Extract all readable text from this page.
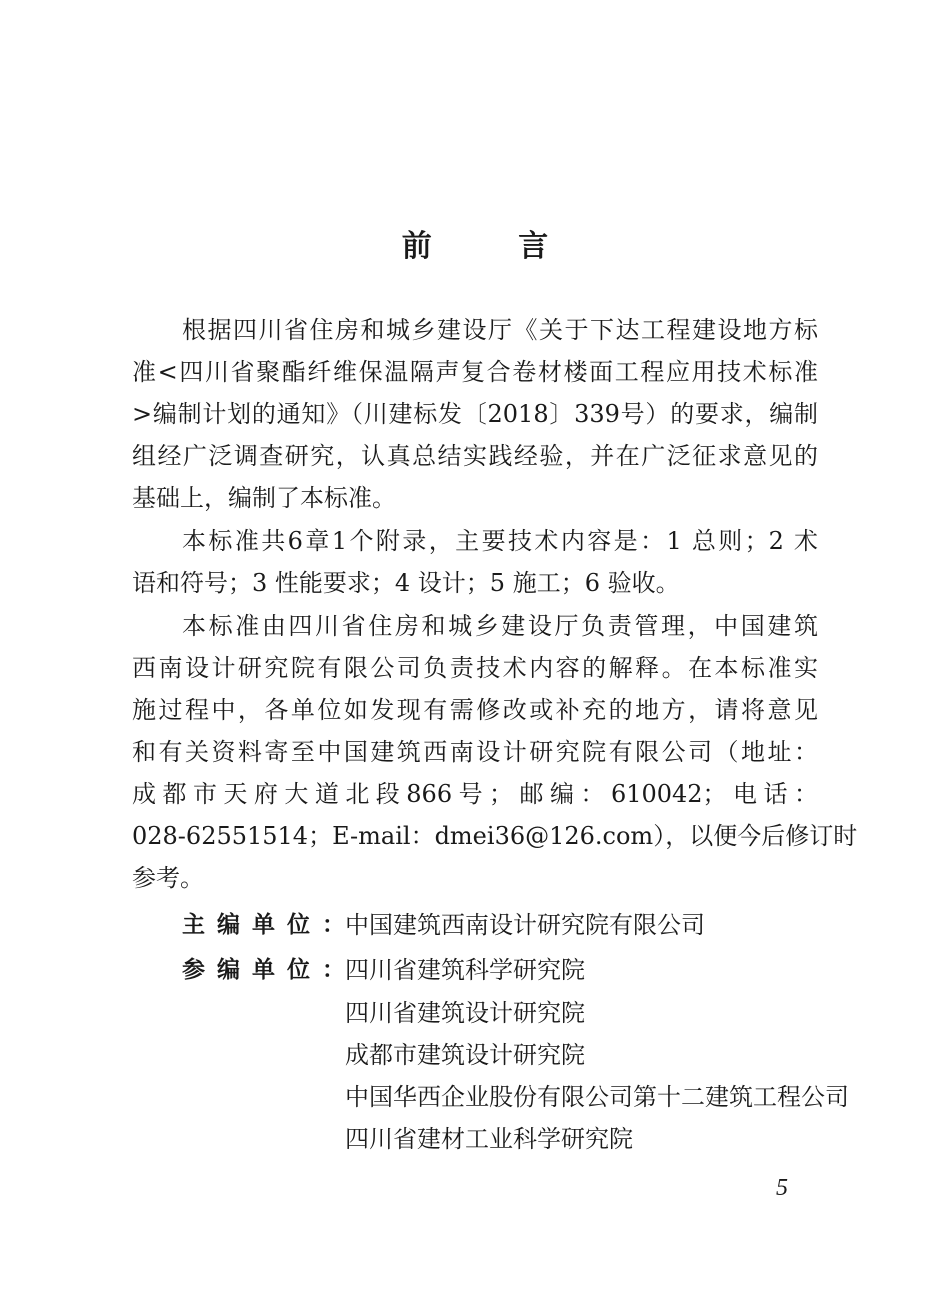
前 言
根据四川省住房和城乡建设厅《关于下达工程建设地方标
准<四川省聚酯纤维保温隔声复合卷材楼面工程应用技术标准
>编制计划的通知》（川建标发〔2018〕339号）的要求，编制
组经广泛调查研究，认真总结实践经验，并在广泛征求意见的
基础上，编制了本标准。
本标准共6章1个附录，主要技术内容是：1 总则；2 术
语和符号；3 性能要求；4 设计；5 施工；6 验收。
本标准由四川省住房和城乡建设厅负责管理，中国建筑
西南设计研究院有限公司负责技术内容的解释。在本标准实
施过程中，各单位如发现有需修改或补充的地方，请将意见
和有关资料寄至中国建筑西南设计研究院有限公司（地址：
成都市天府大道北段866号；邮编：610042；电话：
028-62551514；E-mail：dmei36@126.com），以便今后修订时
参考。
主编单位：
中国建筑西南设计研究院有限公司
参编单位：
四川省建筑科学研究院
四川省建筑设计研究院
成都市建筑设计研究院
中国华西企业股份有限公司第十二建筑工程公司
四川省建材工业科学研究院
5
